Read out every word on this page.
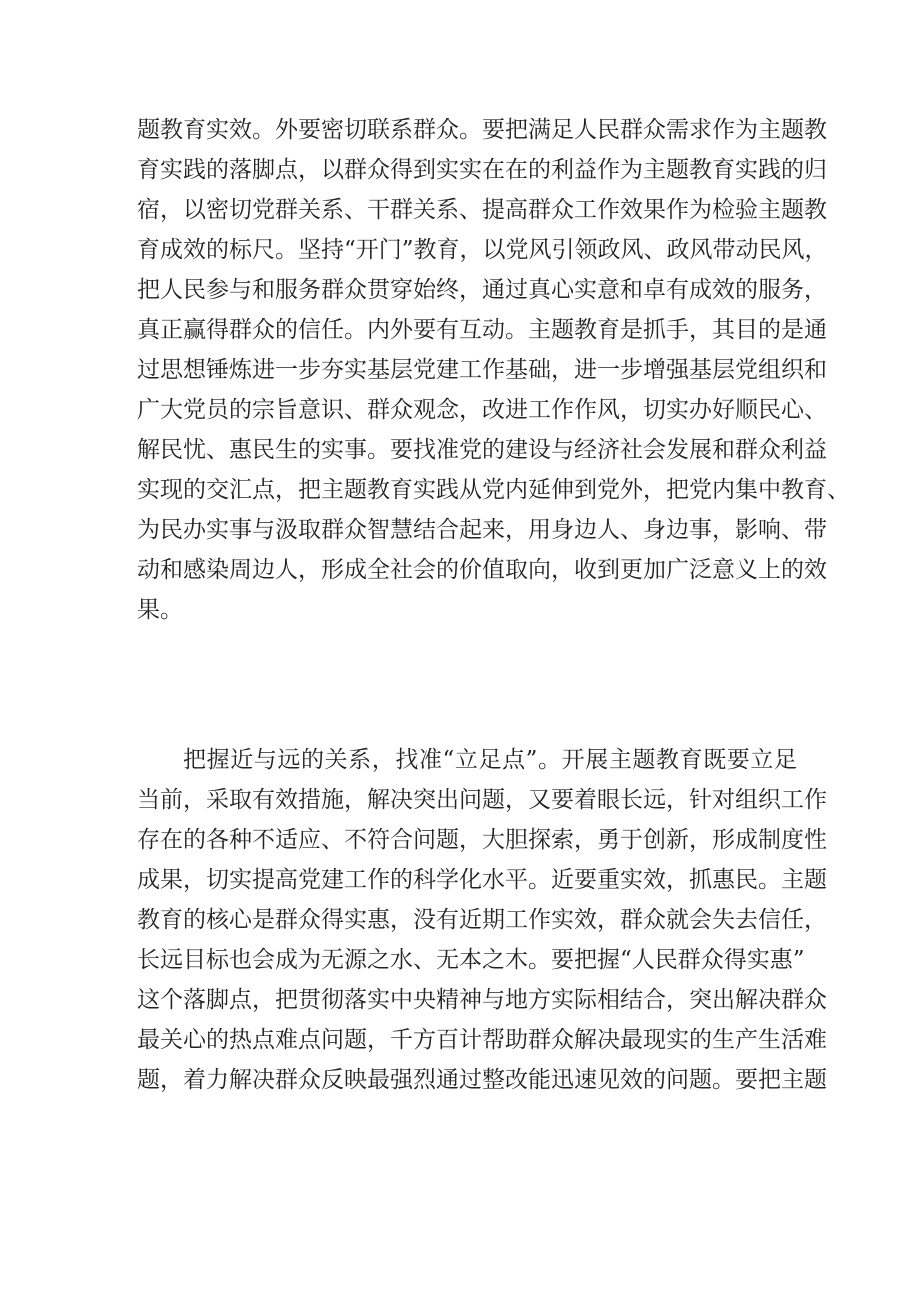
题教育实效。外要密切联系群众。要把满足人民群众需求作为主题教
育实践的落脚点，以群众得到实实在在的利益作为主题教育实践的归
宿，以密切党群关系、干群关系、提高群众工作效果作为检验主题教
育成效的标尺。坚持“开门”教育，以党风引领政风、政风带动民风，
把人民参与和服务群众贯穿始终，通过真心实意和卓有成效的服务，
真正赢得群众的信任。内外要有互动。主题教育是抓手，其目的是通
过思想锤炼进一步夯实基层党建工作基础，进一步增强基层党组织和
广大党员的宗旨意识、群众观念，改进工作作风，切实办好顺民心、
解民忧、惠民生的实事。要找准党的建设与经济社会发展和群众利益
实现的交汇点，把主题教育实践从党内延伸到党外，把党内集中教育、
为民办实事与汲取群众智慧结合起来，用身边人、身边事，影响、带
动和感染周边人，形成全社会的价值取向，收到更加广泛意义上的效
果。
把握近与远的关系，找准“立足点”。开展主题教育既要立足
当前，采取有效措施，解决突出问题，又要着眼长远，针对组织工作
存在的各种不适应、不符合问题，大胆探索，勇于创新，形成制度性
成果，切实提高党建工作的科学化水平。近要重实效，抓惠民。主题
教育的核心是群众得实惠，没有近期工作实效，群众就会失去信任，
长远目标也会成为无源之水、无本之木。要把握“人民群众得实惠”
这个落脚点，把贯彻落实中央精神与地方实际相结合，突出解决群众
最关心的热点难点问题，千方百计帮助群众解决最现实的生产生活难
题，着力解决群众反映最强烈通过整改能迅速见效的问题。要把主题
